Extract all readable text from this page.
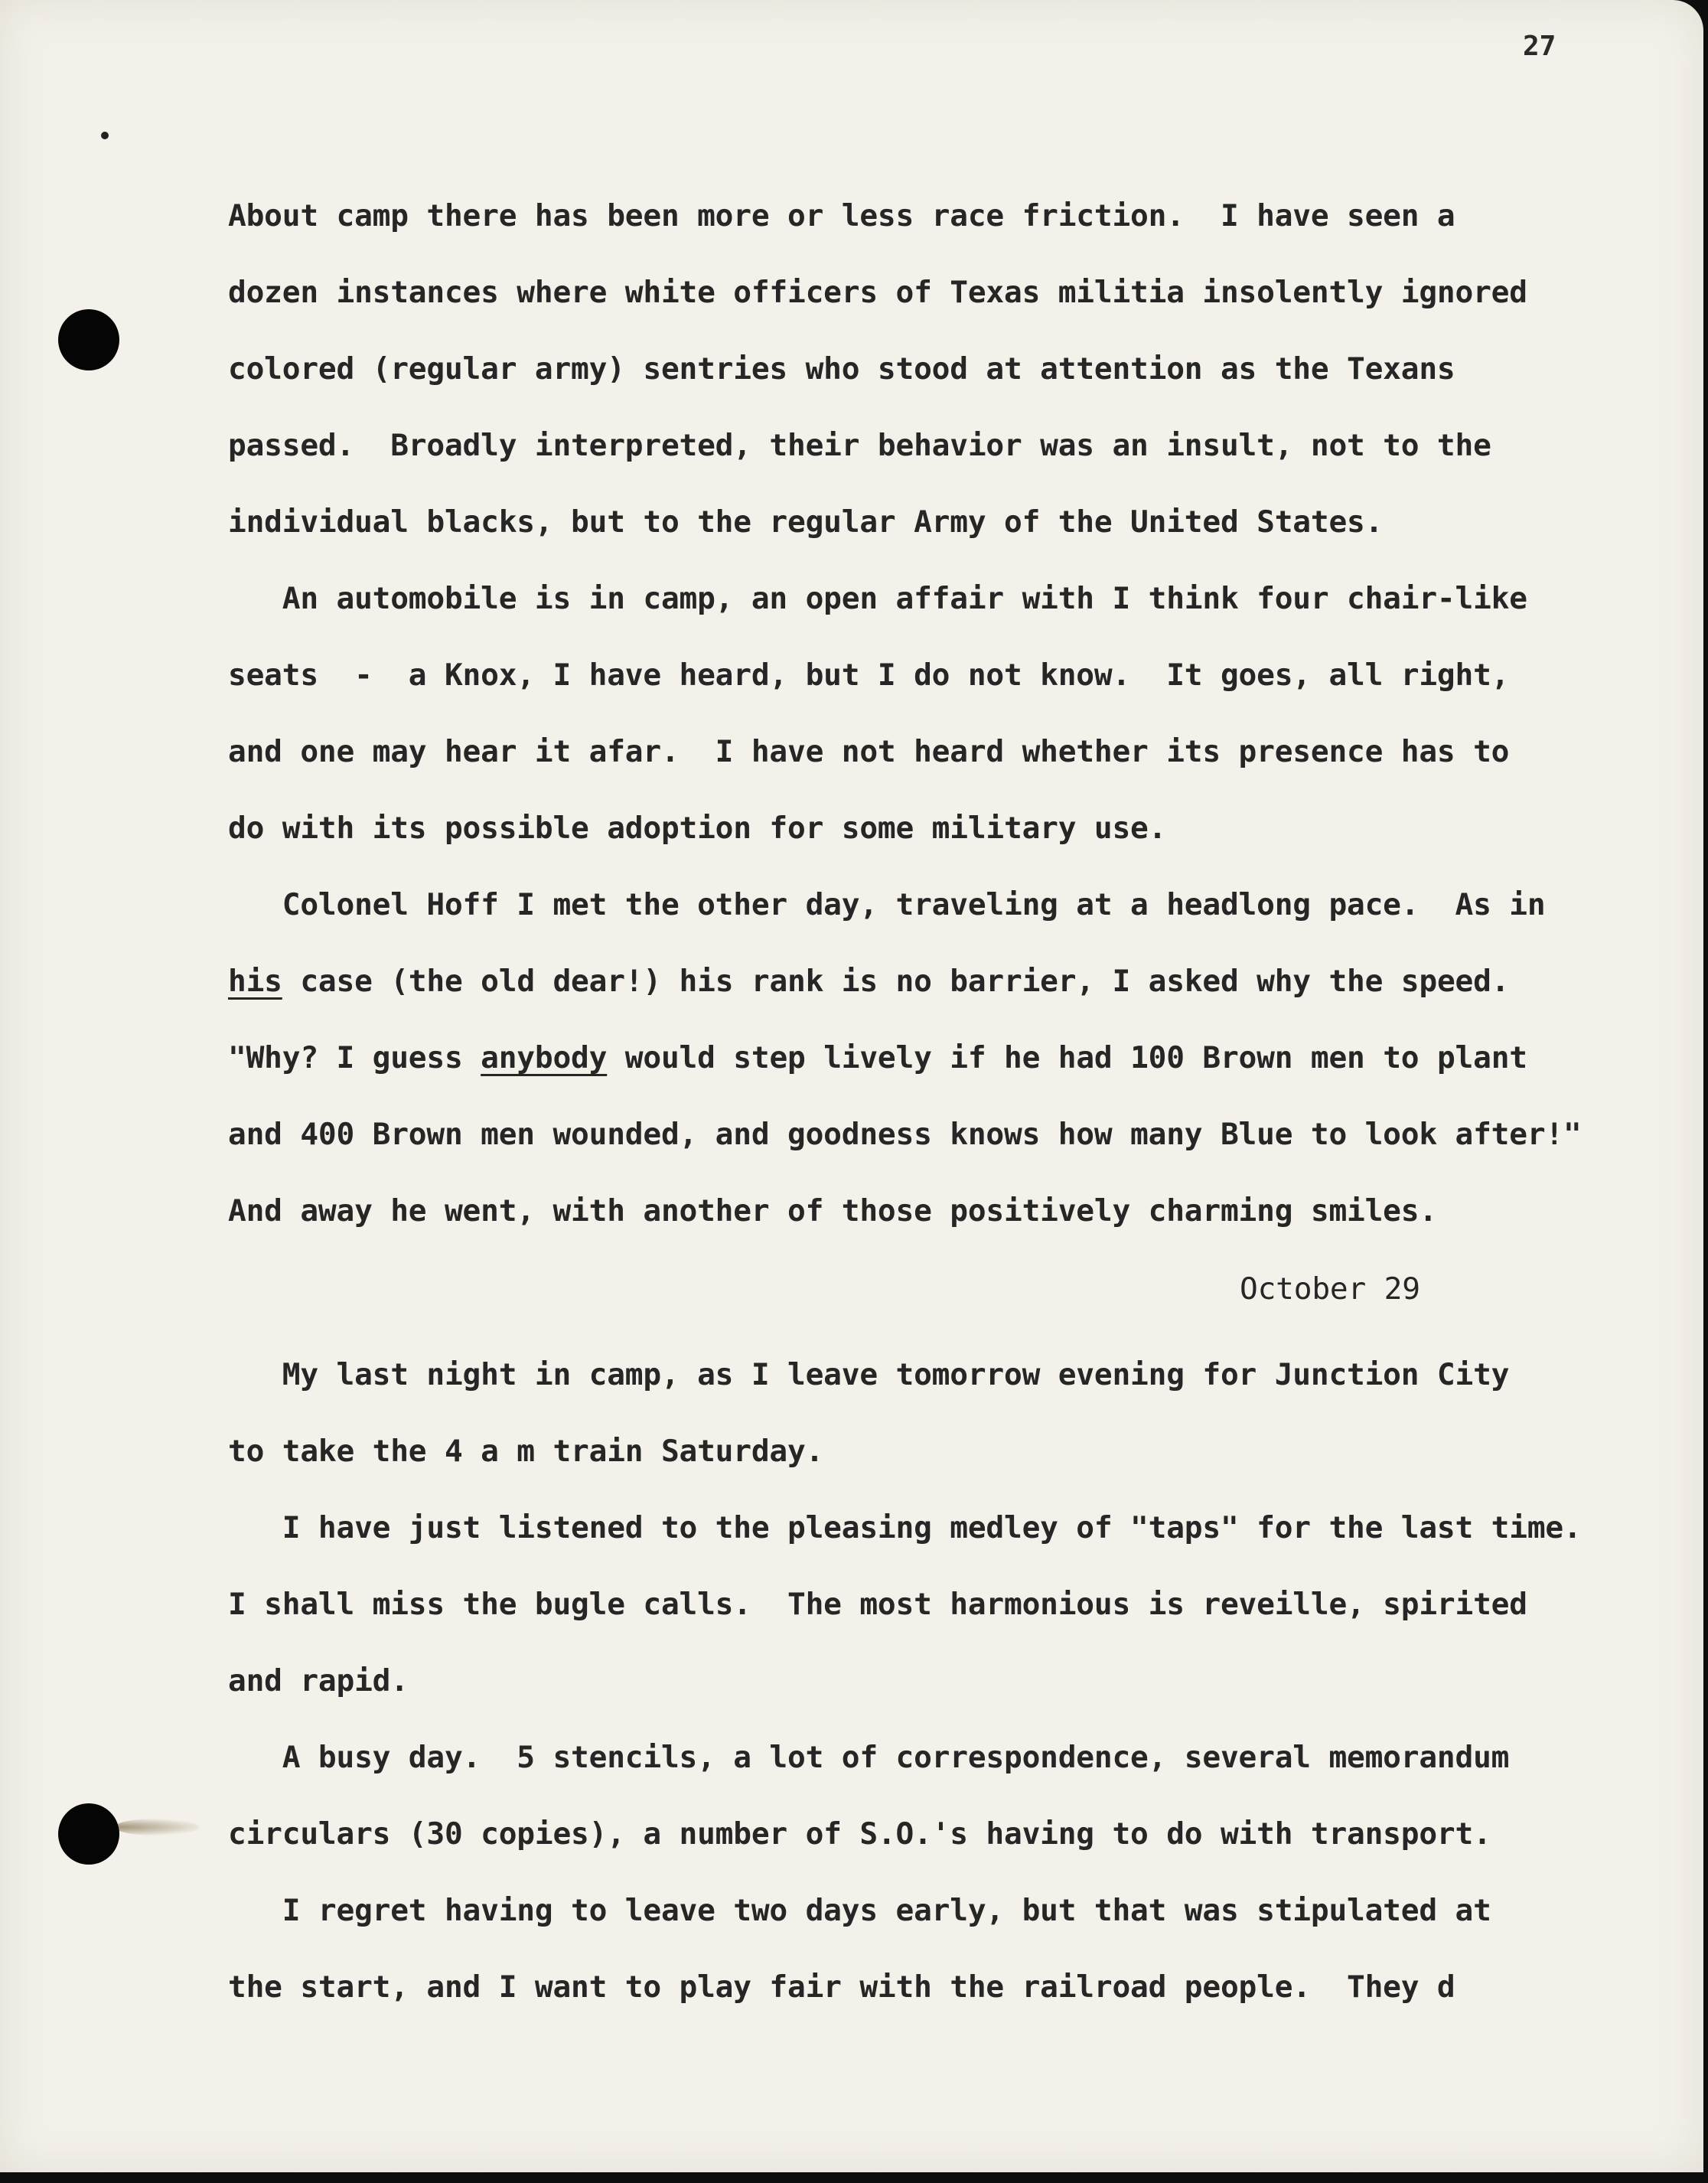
27
About camp there has been more or less race friction.  I have seen a
dozen instances where white officers of Texas militia insolently ignored
colored (regular army) sentries who stood at attention as the Texans
passed.  Broadly interpreted, their behavior was an insult, not to the
individual blacks, but to the regular Army of the United States.
An automobile is in camp, an open affair with I think four chair-like
seats  -  a Knox, I have heard, but I do not know.  It goes, all right,
and one may hear it afar.  I have not heard whether its presence has to
do with its possible adoption for some military use.
Colonel Hoff I met the other day, traveling at a headlong pace.  As in
his case (the old dear!) his rank is no barrier, I asked why the speed.
"Why? I guess anybody would step lively if he had 100 Brown men to plant
and 400 Brown men wounded, and goodness knows how many Blue to look after!"
And away he went, with another of those positively charming smiles.
October 29
My last night in camp, as I leave tomorrow evening for Junction City
to take the 4 a m train Saturday.
I have just listened to the pleasing medley of "taps" for the last time.
I shall miss the bugle calls.  The most harmonious is reveille, spirited
and rapid.
A busy day.  5 stencils, a lot of correspondence, several memorandum
circulars (30 copies), a number of S.O.'s having to do with transport.
I regret having to leave two days early, but that was stipulated at
the start, and I want to play fair with the railroad people.  They d
